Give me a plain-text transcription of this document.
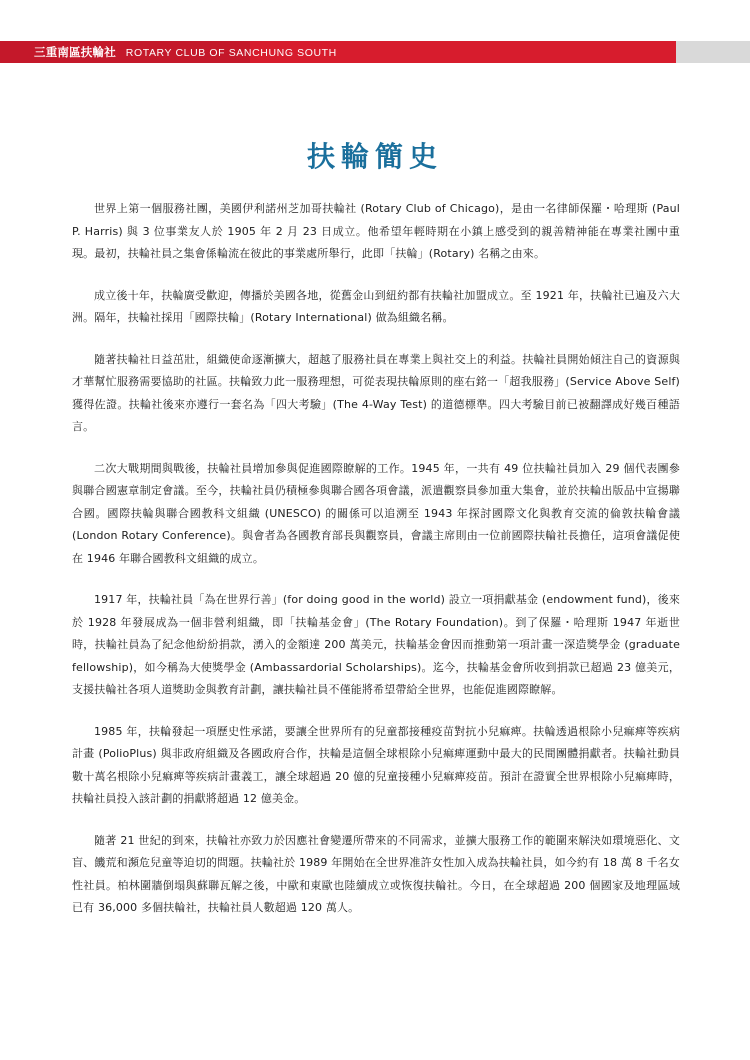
三重南區扶輪社 ROTARY CLUB OF SANCHUNG SOUTH
扶輪簡史

世界上第一個服務社團，美國伊利諾州芝加哥扶輪社 (Rotary Club of Chicago)，是由一名律師保羅・哈理斯 (Paul P. Harris) 與 3 位事業友人於 1905 年 2 月 23 日成立。他希望年輕時期在小鎮上感受到的親善精神能在專業社團中重現。最初，扶輪社員之集會係輪流在彼此的事業處所舉行，此即「扶輪」(Rotary) 名稱之由來。

成立後十年，扶輪廣受歡迎，傳播於美國各地，從舊金山到紐約都有扶輪社加盟成立。至 1921 年，扶輪社已遍及六大洲。隔年，扶輪社採用「國際扶輪」(Rotary International) 做為組織名稱。

隨著扶輪社日益茁壯，組織使命逐漸擴大，超越了服務社員在專業上與社交上的利益。扶輪社員開始傾注自己的資源與才華幫忙服務需要協助的社區。扶輪致力此一服務理想，可從表現扶輪原則的座右銘一「超我服務」(Service Above Self) 獲得佐證。扶輪社後來亦遵行一套名為「四大考驗」(The 4-Way Test) 的道德標準。四大考驗目前已被翻譯成好幾百種語言。

二次大戰期間與戰後，扶輪社員增加參與促進國際瞭解的工作。1945 年，一共有 49 位扶輪社員加入 29 個代表團參與聯合國憲章制定會議。至今，扶輪社員仍積極參與聯合國各項會議，派遣觀察員參加重大集會，並於扶輪出版品中宣揚聯合國。國際扶輪與聯合國教科文組織 (UNESCO) 的關係可以追溯至 1943 年探討國際文化與教育交流的倫敦扶輪會議 (London Rotary Conference)。與會者為各國教育部長與觀察員，會議主席則由一位前國際扶輪社長擔任，這項會議促使在 1946 年聯合國教科文組織的成立。

1917 年，扶輪社員「為在世界行善」(for doing good in the world) 設立一項捐獻基金 (endowment fund)，後來於 1928 年發展成為一個非營利組織，即「扶輪基金會」(The Rotary Foundation)。到了保羅・哈理斯 1947 年逝世時，扶輪社員為了紀念他紛紛捐款，湧入的金額達 200 萬美元，扶輪基金會因而推動第一項計畫一深造獎學金 (graduate fellowship)，如今稱為大使獎學金 (Ambassardorial Scholarships)。迄今，扶輪基金會所收到捐款已超過 23 億美元，支援扶輪社各項人道獎助金與教育計劃，讓扶輪社員不僅能將希望帶給全世界，也能促進國際瞭解。

1985 年，扶輪發起一項歷史性承諾，要讓全世界所有的兒童都接種疫苗對抗小兒痲痺。扶輪透過根除小兒痲痺等疾病計畫 (PolioPlus) 與非政府組織及各國政府合作，扶輪是這個全球根除小兒痲痺運動中最大的民間團體捐獻者。扶輪社動員數十萬名根除小兒痲痺等疾病計畫義工，讓全球超過 20 億的兒童接種小兒痲痺疫苗。預計在證實全世界根除小兒痲痺時，扶輪社員投入該計劃的捐獻將超過 12 億美金。

隨著 21 世紀的到來，扶輪社亦致力於因應社會變遷所帶來的不同需求，並擴大服務工作的範圍來解決如環境惡化、文盲、饑荒和瀕危兒童等迫切的問題。扶輪社於 1989 年開始在全世界准許女性加入成為扶輪社員，如今約有 18 萬 8 千名女性社員。柏林圍牆倒塌與蘇聯瓦解之後，中歐和東歐也陸續成立或恢復扶輪社。今日，在全球超過 200 個國家及地理區域已有 36,000 多個扶輪社，扶輪社員人數超過 120 萬人。
